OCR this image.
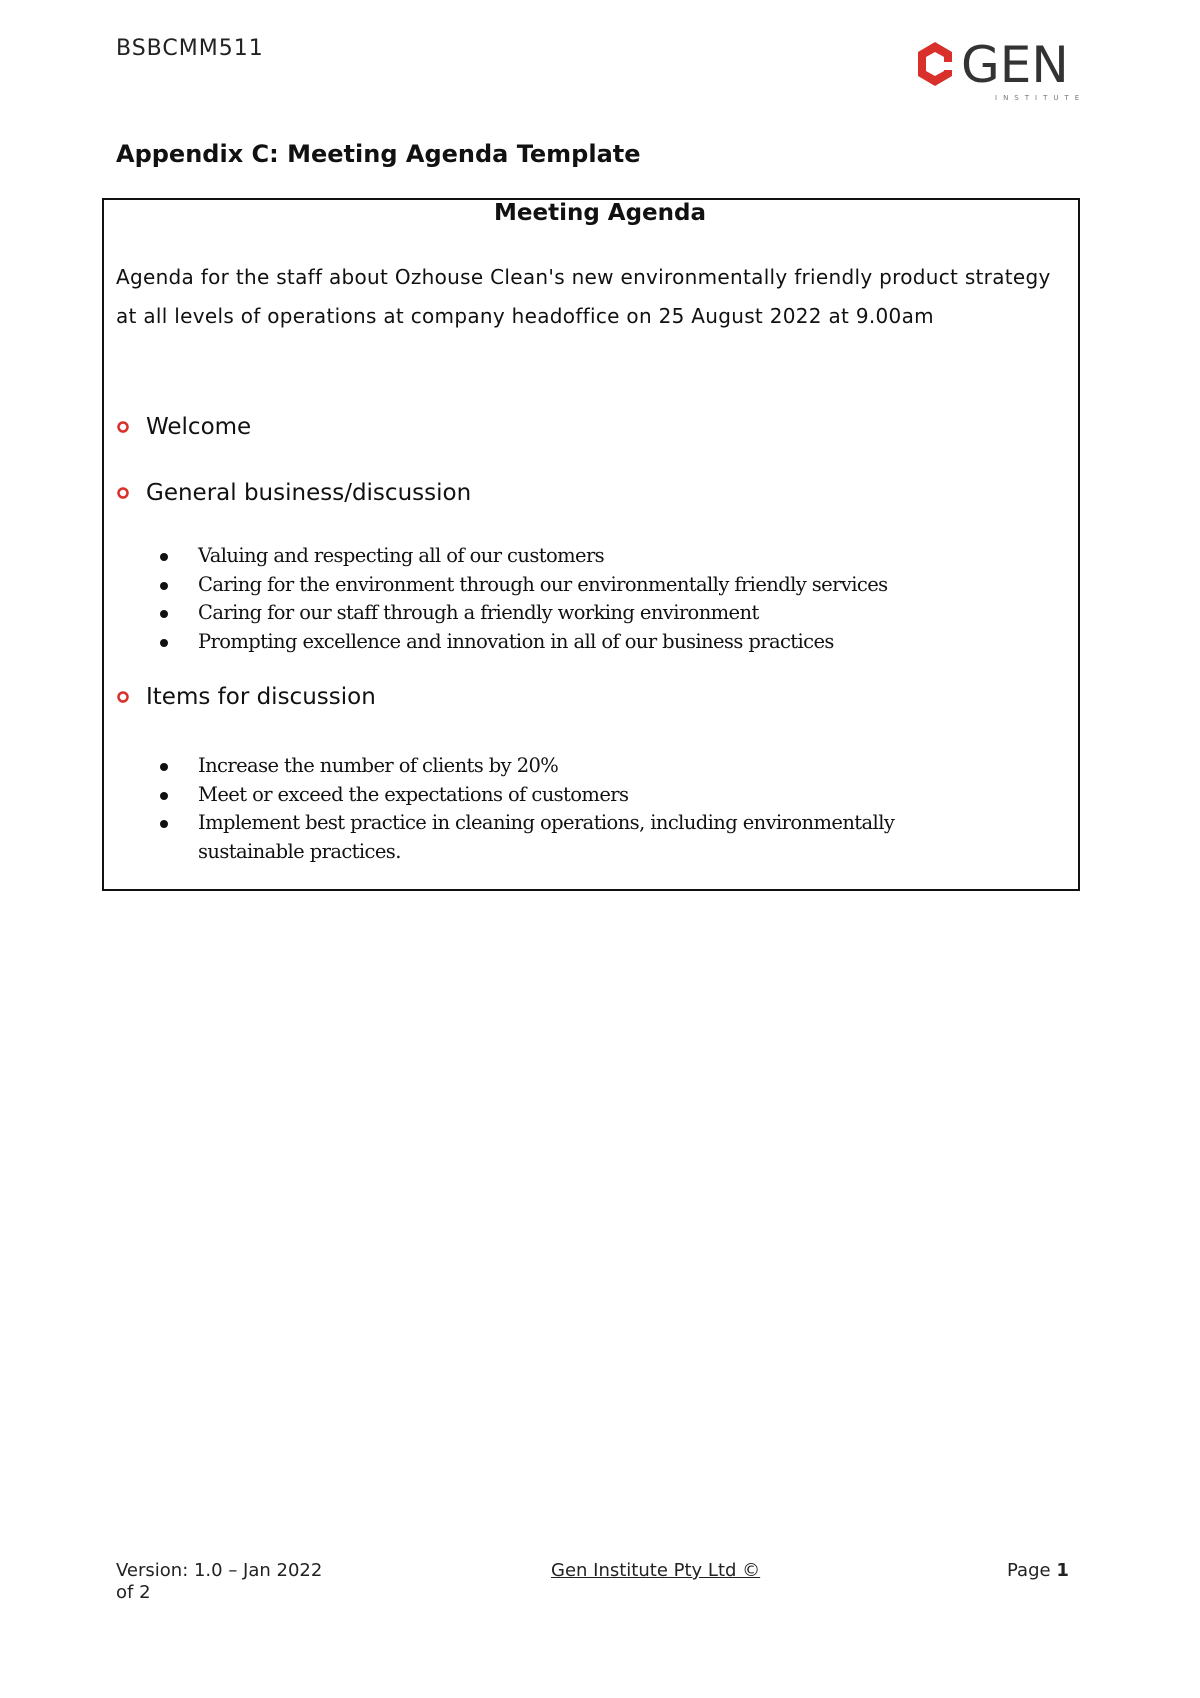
BSBCMM511	GEN
INSTITUTE
Appendix C: Meeting Agenda Template
Meeting Agenda

Agenda for the staff about Ozhouse Clean's new environmentally friendly product strategy at all levels of operations at company headoffice on 25 August 2022 at 9.00am

Welcome
General business/discussion
Valuing and respecting all of our customers
Caring for the environment through our environmentally friendly services
Caring for our staff through a friendly working environment
Prompting excellence and innovation in all of our business practices
Items for discussion
Increase the number of clients by 20%
Meet or exceed the expectations of customers
Implement best practice in cleaning operations, including environmentally sustainable practices.
Version: 1.0 – Jan 2022
of 2
Gen Institute Pty Ltd ©	Page 1
